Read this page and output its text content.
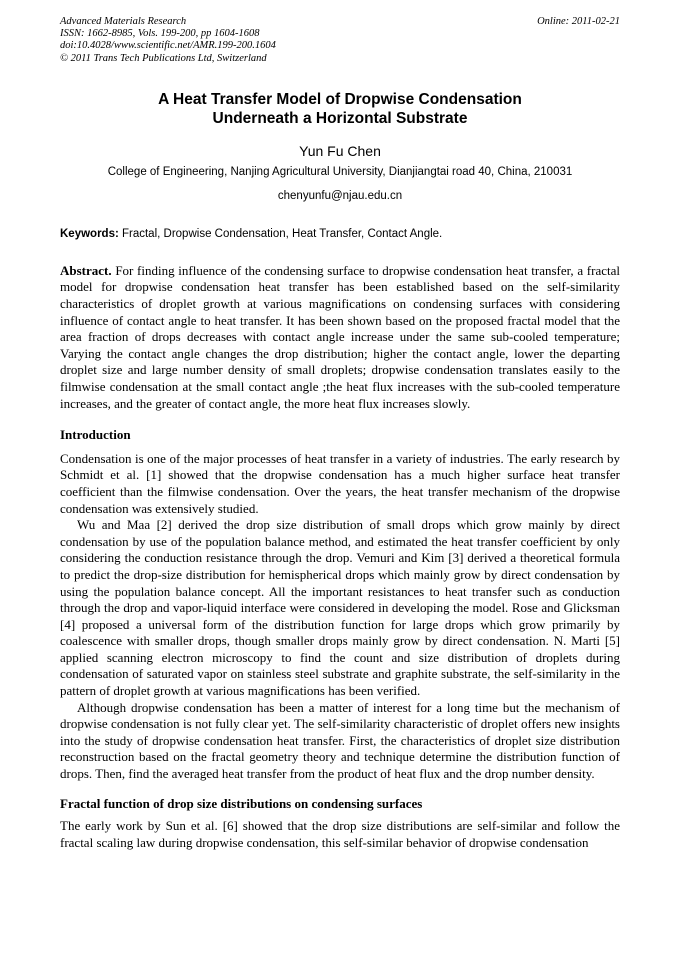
Advanced Materials Research
ISSN: 1662-8985, Vols. 199-200, pp 1604-1608
doi:10.4028/www.scientific.net/AMR.199-200.1604
© 2011 Trans Tech Publications Ltd, Switzerland
Online: 2011-02-21
A Heat Transfer Model of Dropwise Condensation
Underneath a Horizontal Substrate
Yun Fu Chen
College of Engineering, Nanjing Agricultural University, Dianjiangtai road 40, China, 210031
chenyunfu@njau.edu.cn
Keywords: Fractal, Dropwise Condensation, Heat Transfer, Contact Angle.

Abstract. For finding influence of the condensing surface to dropwise condensation heat transfer, a fractal model for dropwise condensation heat transfer has been established based on the self-similarity characteristics of droplet growth at various magnifications on condensing surfaces with considering influence of contact angle to heat transfer. It has been shown based on the proposed fractal model that the area fraction of drops decreases with contact angle increase under the same sub-cooled temperature; Varying the contact angle changes the drop distribution; higher the contact angle, lower the departing droplet size and large number density of small droplets; dropwise condensation translates easily to the filmwise condensation at the small contact angle ;the heat flux increases with the sub-cooled temperature increases, and the greater of contact angle, the more heat flux increases slowly.

Introduction

Condensation is one of the major processes of heat transfer in a variety of industries. The early research by Schmidt et al. [1] showed that the dropwise condensation has a much higher surface heat transfer coefficient than the filmwise condensation. Over the years, the heat transfer mechanism of the dropwise condensation was extensively studied.

Wu and Maa [2] derived the drop size distribution of small drops which grow mainly by direct condensation by use of the population balance method, and estimated the heat transfer coefficient by only considering the conduction resistance through the drop. Vemuri and Kim [3] derived a theoretical formula to predict the drop-size distribution for hemispherical drops which mainly grow by direct condensation by using the population balance concept. All the important resistances to heat transfer such as conduction through the drop and vapor-liquid interface were considered in developing the model. Rose and Glicksman [4] proposed a universal form of the distribution function for large drops which grow primarily by coalescence with smaller drops, though smaller drops mainly grow by direct condensation. N. Marti [5] applied scanning electron microscopy to find the count and size distribution of droplets during condensation of saturated vapor on stainless steel substrate and graphite substrate, the self-similarity in the pattern of droplet growth at various magnifications has been verified.

Although dropwise condensation has been a matter of interest for a long time but the mechanism of dropwise condensation is not fully clear yet. The self-similarity characteristic of droplet offers new insights into the study of dropwise condensation heat transfer. First, the characteristics of droplet size distribution reconstruction based on the fractal geometry theory and technique determine the distribution function of drops. Then, find the averaged heat transfer from the product of heat flux and the drop number density.

Fractal function of drop size distributions on condensing surfaces

The early work by Sun et al. [6] showed that the drop size distributions are self-similar and follow the fractal scaling law during dropwise condensation, this self-similar behavior of dropwise condensation
